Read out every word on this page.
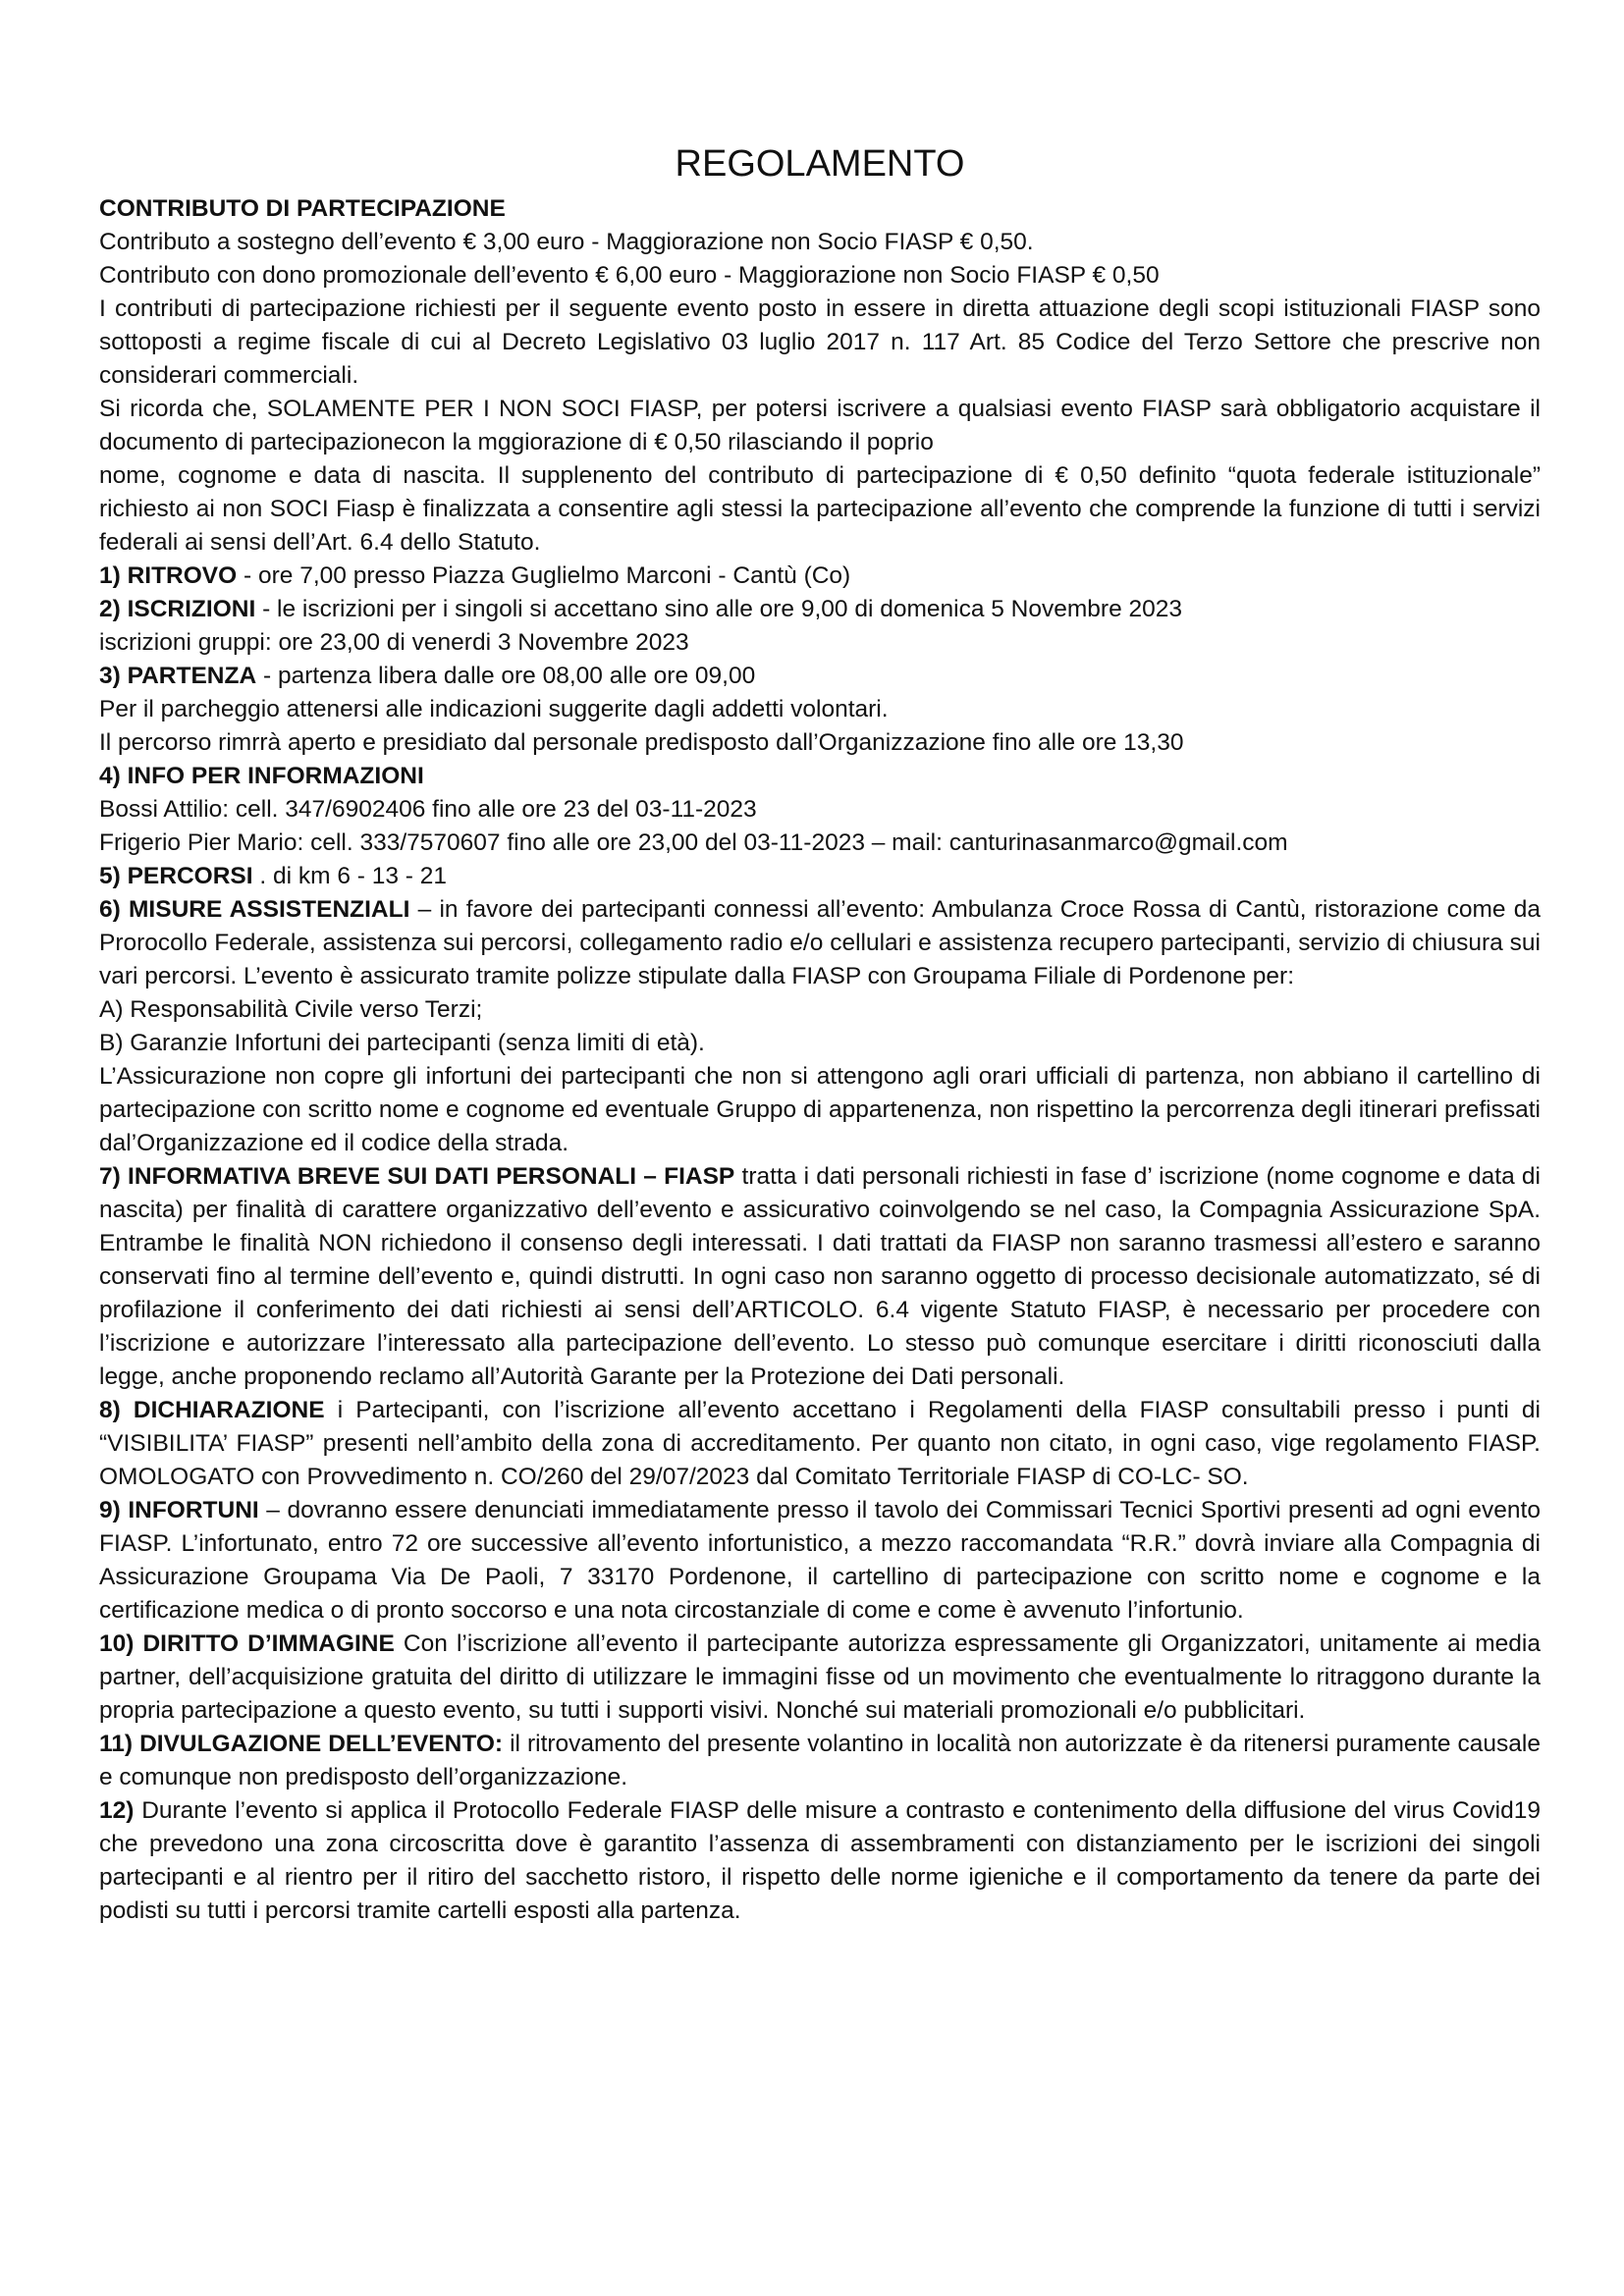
REGOLAMENTO

CONTRIBUTO DI PARTECIPAZIONE

Contributo a sostegno dell’evento € 3,00 euro - Maggiorazione non Socio FIASP € 0,50.

Contributo con dono promozionale dell’evento € 6,00 euro - Maggiorazione non Socio FIASP € 0,50

I contributi di partecipazione richiesti per il seguente evento posto in essere in diretta attuazione degli scopi istituzionali FIASP sono sottoposti a regime fiscale di cui al Decreto Legislativo 03 luglio 2017 n. 117 Art. 85 Codice del Terzo Settore che prescrive non considerari commerciali.

Si ricorda che, SOLAMENTE PER I NON SOCI FIASP, per potersi iscrivere a qualsiasi evento FIASP sarà obbligatorio acquistare il documento di partecipazionecon la mggiorazione di € 0,50 rilasciando il poprio

nome, cognome e data di nascita. Il supplenento del contributo di partecipazione di € 0,50 definito “quota federale istituzionale” richiesto ai non SOCI Fiasp è finalizzata a consentire agli stessi la partecipazione all’evento che comprende la funzione di tutti i servizi federali ai sensi dell’Art. 6.4 dello Statuto.

1) RITROVO - ore 7,00 presso Piazza Guglielmo Marconi - Cantù (Co)

2) ISCRIZIONI - le iscrizioni per i singoli si accettano sino alle ore 9,00 di domenica 5 Novembre 2023

iscrizioni gruppi: ore 23,00 di venerdi 3 Novembre 2023

3) PARTENZA - partenza libera dalle ore 08,00 alle ore 09,00

Per il parcheggio attenersi alle indicazioni suggerite dagli addetti volontari.

Il percorso rimrrà aperto e presidiato dal personale predisposto dall’Organizzazione fino alle ore 13,30

4) INFO PER INFORMAZIONI

Bossi Attilio: cell. 347/6902406 fino alle ore 23 del 03-11-2023

Frigerio Pier Mario: cell. 333/7570607 fino alle ore 23,00 del 03-11-2023 – mail: canturinasanmarco@gmail.com

5) PERCORSI . di km 6 - 13 - 21

6) MISURE ASSISTENZIALI – in favore dei partecipanti connessi all’evento: Ambulanza Croce Rossa di Cantù, ristorazione come da Prorocollo Federale, assistenza sui percorsi, collegamento radio e/o cellulari e assistenza recupero partecipanti, servizio di chiusura sui vari percorsi. L’evento è assicurato tramite polizze stipulate dalla FIASP con Groupama Filiale di Pordenone per:

A) Responsabilità Civile verso Terzi;

B) Garanzie Infortuni dei partecipanti (senza limiti di età).

L’Assicurazione non copre gli infortuni dei partecipanti che non si attengono agli orari ufficiali di partenza, non abbiano il cartellino di partecipazione con scritto nome e cognome ed eventuale Gruppo di appartenenza, non rispettino la percorrenza degli itinerari prefissati dal’Organizzazione ed il codice della strada.

7) INFORMATIVA BREVE SUI DATI PERSONALI – FIASP tratta i dati personali richiesti in fase d’ iscrizione (nome cognome e data di nascita) per finalità di carattere organizzativo dell’evento e assicurativo coinvolgendo se nel caso, la Compagnia Assicurazione SpA. Entrambe le finalità NON richiedono il consenso degli interessati. I dati trattati da FIASP non saranno trasmessi all’estero e saranno conservati fino al termine dell’evento e, quindi distrutti. In ogni caso non saranno oggetto di processo decisionale automatizzato, sé di profilazione il conferimento dei dati richiesti ai sensi dell’ARTICOLO. 6.4 vigente Statuto FIASP, è necessario per procedere con l’iscrizione e autorizzare l’interessato alla partecipazione dell’evento. Lo stesso può comunque esercitare i diritti riconosciuti dalla legge, anche proponendo reclamo all’Autorità Garante per la Protezione dei Dati personali.

8) DICHIARAZIONE i Partecipanti, con l’iscrizione all’evento accettano i Regolamenti della FIASP consultabili presso i punti di “VISIBILITA’ FIASP” presenti nell’ambito della zona di accreditamento. Per quanto non citato, in ogni caso, vige regolamento FIASP. OMOLOGATO con Provvedimento n. CO/260 del 29/07/2023 dal Comitato Territoriale FIASP di CO-LC- SO.

9) INFORTUNI – dovranno essere denunciati immediatamente presso il tavolo dei Commissari Tecnici Sportivi presenti ad ogni evento FIASP. L’infortunato, entro 72 ore successive all’evento infortunistico, a mezzo raccomandata “R.R.” dovrà inviare alla Compagnia di Assicurazione Groupama Via De Paoli, 7 33170 Pordenone, il cartellino di partecipazione con scritto nome e cognome e la certificazione medica o di pronto soccorso e una nota circostanziale di come e come è avvenuto l’infortunio.

10) DIRITTO D’IMMAGINE Con l’iscrizione all’evento il partecipante autorizza espressamente gli Organizzatori, unitamente ai media partner, dell’acquisizione gratuita del diritto di utilizzare le immagini fisse od un movimento che eventualmente lo ritraggono durante la propria partecipazione a questo evento, su tutti i supporti visivi. Nonché sui materiali promozionali e/o pubblicitari.

11) DIVULGAZIONE DELL’EVENTO: il ritrovamento del presente volantino in località non autorizzate è da ritenersi puramente causale e comunque non predisposto dell’organizzazione.

12) Durante l’evento si applica il Protocollo Federale FIASP delle misure a contrasto e contenimento della diffusione del virus Covid19 che prevedono una zona circoscritta dove è garantito l’assenza di assembramenti con distanziamento per le iscrizioni dei singoli partecipanti e al rientro per il ritiro del sacchetto ristoro, il rispetto delle norme igieniche e il comportamento da tenere da parte dei podisti su tutti i percorsi tramite cartelli esposti alla partenza.
